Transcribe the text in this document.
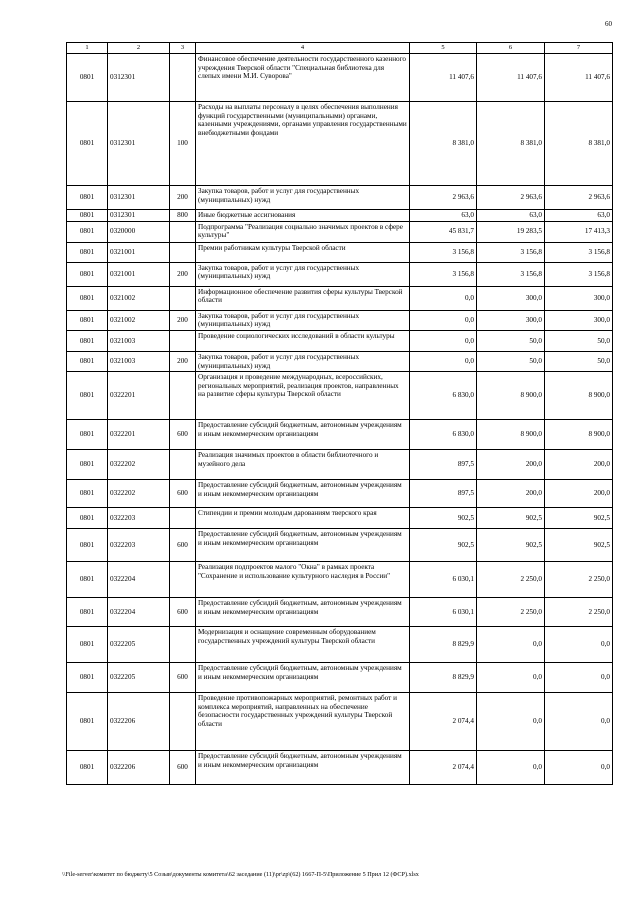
60
1	2	3	4	5	6	7
0801	0312301		Финансовое обеспечение деятельности государственного казенного учреждения Тверской области "Специальная библиотека для слепых имени М.И. Суворова"	11 407,6	11 407,6	11 407,6
0801	0312301	100	Расходы на выплаты персоналу в целях обеспечения выполнения функций государственными (муниципальными) органами, казенными учреждениями, органами управления государственными внебюджетными фондами	8 381,0	8 381,0	8 381,0
0801	0312301	200	Закупка товаров, работ и услуг для государственных (муниципальных) нужд	2 963,6	2 963,6	2 963,6
0801	0312301	800	Иные бюджетные ассигнования	63,0	63,0	63,0
0801	0320000		Подпрограмма "Реализация социально значимых проектов в сфере культуры"	45 831,7	19 283,5	17 413,3
0801	0321001		Премии работникам культуры Тверской области	3 156,8	3 156,8	3 156,8
0801	0321001	200	Закупка товаров, работ и услуг для государственных (муниципальных) нужд	3 156,8	3 156,8	3 156,8
0801	0321002		Информационное обеспечение развития сферы культуры Тверской области	0,0	300,0	300,0
0801	0321002	200	Закупка товаров, работ и услуг для государственных (муниципальных) нужд	0,0	300,0	300,0
0801	0321003		Проведение социологических исследований в области культуры	0,0	50,0	50,0
0801	0321003	200	Закупка товаров, работ и услуг для государственных (муниципальных) нужд	0,0	50,0	50,0
0801	0322201		Организация и проведение международных, всероссийских, региональных мероприятий, реализация проектов, направленных на развитие сферы культуры Тверской области	6 830,0	8 900,0	8 900,0
0801	0322201	600	Предоставление субсидий бюджетным, автономным учреждениям и иным некоммерческим организациям	6 830,0	8 900,0	8 900,0
0801	0322202		Реализация значимых проектов в области библиотечного и музейного дела	897,5	200,0	200,0
0801	0322202	600	Предоставление субсидий бюджетным, автономным учреждениям и иным некоммерческим организациям	897,5	200,0	200,0
0801	0322203		Стипендии и премии молодым дарованиям тверского края	902,5	902,5	902,5
0801	0322203	600	Предоставление субсидий бюджетным, автономным учреждениям и иным некоммерческим организациям	902,5	902,5	902,5
0801	0322204		Реализация подпроектов малого "Окна" в рамках проекта "Сохранение и использование культурного наследия в России"	6 030,1	2 250,0	2 250,0
0801	0322204	600	Предоставление субсидий бюджетным, автономным учреждениям и иным некоммерческим организациям	6 030,1	2 250,0	2 250,0
0801	0322205		Модернизация и оснащение современным оборудованием государственных учреждений культуры Тверской области	8 829,9	0,0	0,0
0801	0322205	600	Предоставление субсидий бюджетным, автономным учреждениям и иным некоммерческим организациям	8 829,9	0,0	0,0
0801	0322206		Проведение противопожарных мероприятий, ремонтных работ и комплекса мероприятий, направленных на обеспечение безопасности государственных учреждений культуры Тверской области	2 074,4	0,0	0,0
0801	0322206	600	Предоставление субсидий бюджетным, автономным учреждениям и иным некоммерческим организациям	2 074,4	0,0	0,0
\\File-server\комитет по бюджету\5 Созыв\документы комитета\62 заседание (11)\pr\zp\(62) 1667-П-5\Приложение 5 Прил 12 (ФСР).xlsx
